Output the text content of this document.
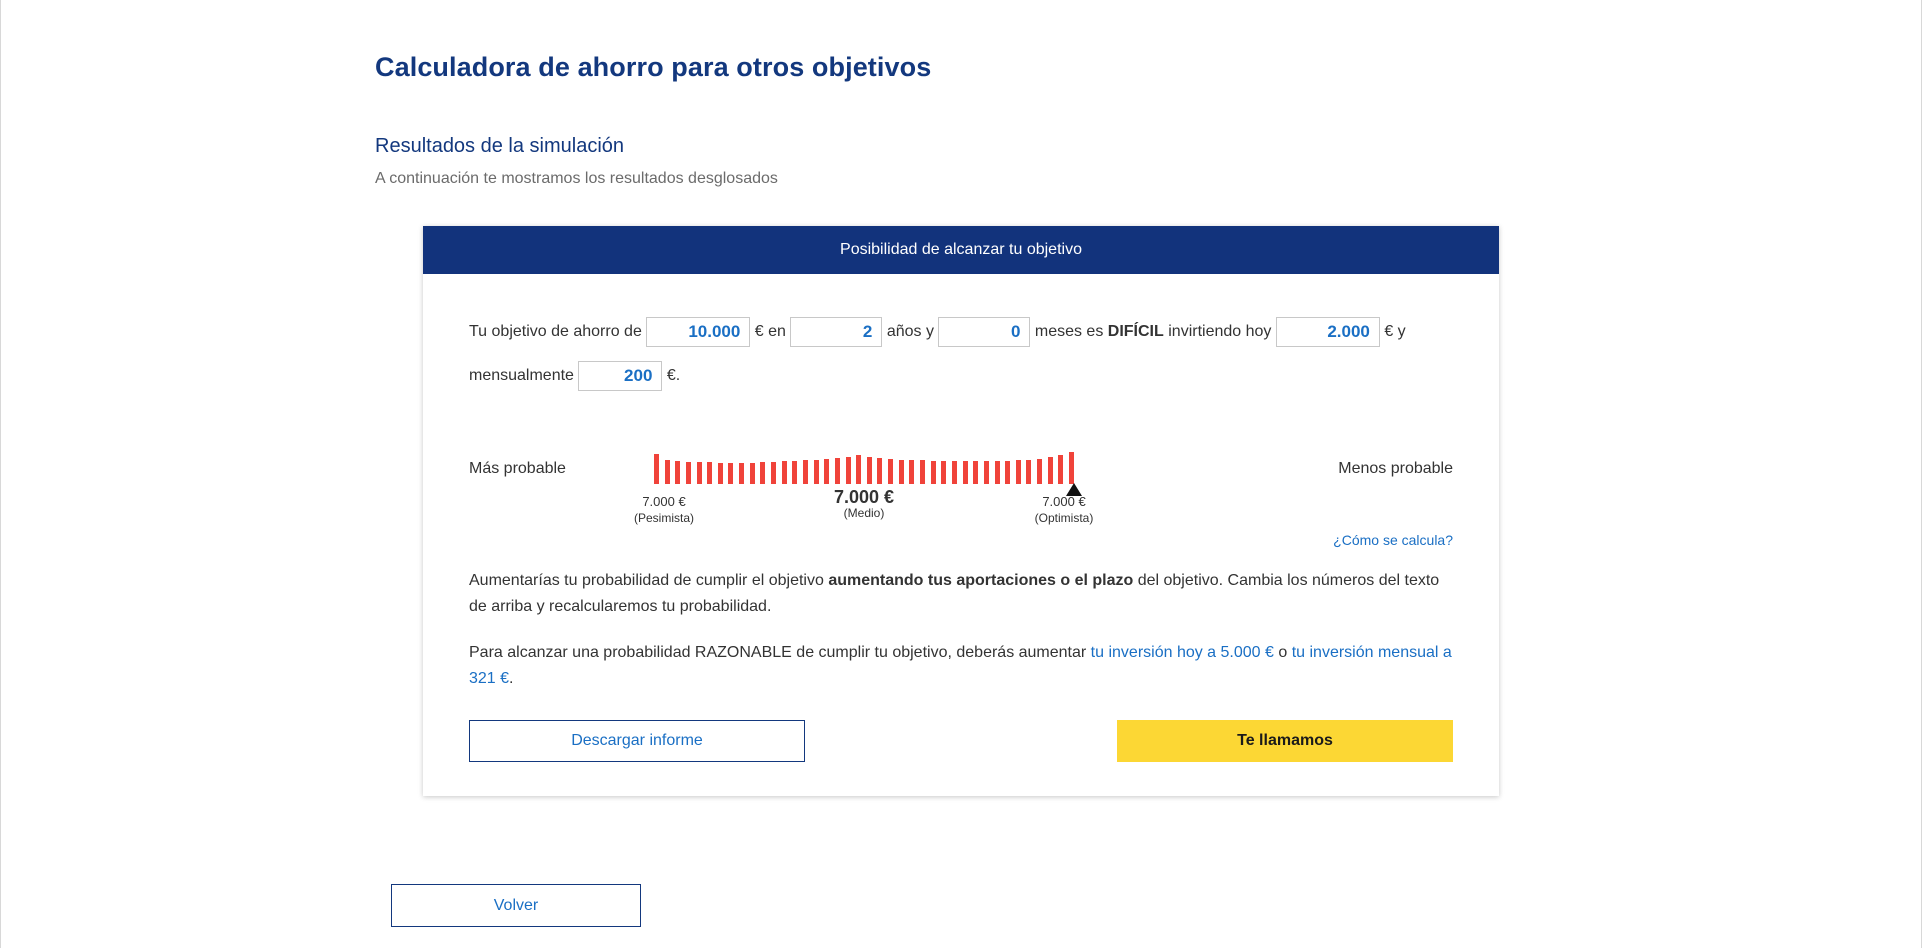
Calculadora de ahorro para otros objetivos
Resultados de la simulación
A continuación te mostramos los resultados desglosados
Posibilidad de alcanzar tu objetivo
Tu objetivo de ahorro de 10.000	€ en 2	años y 0	meses es DIFÍCIL invirtiendo hoy 2.000	€ y
mensualmente 200	€.
Más probable	Menos probable
7.000 €
(Pesimista)
7.000 €
(Medio)
7.000 €
(Optimista)
¿Cómo se calcula?

Aumentarías tu probabilidad de cumplir el objetivo aumentando tus aportaciones o el plazo del objetivo. Cambia los números del texto de arriba y recalcularemos tu probabilidad.

Para alcanzar una probabilidad RAZONABLE de cumplir tu objetivo, deberás aumentar tu inversión hoy a 5.000 € o tu inversión mensual a 321 €.

Descargar informe	Te llamamos
Volver
